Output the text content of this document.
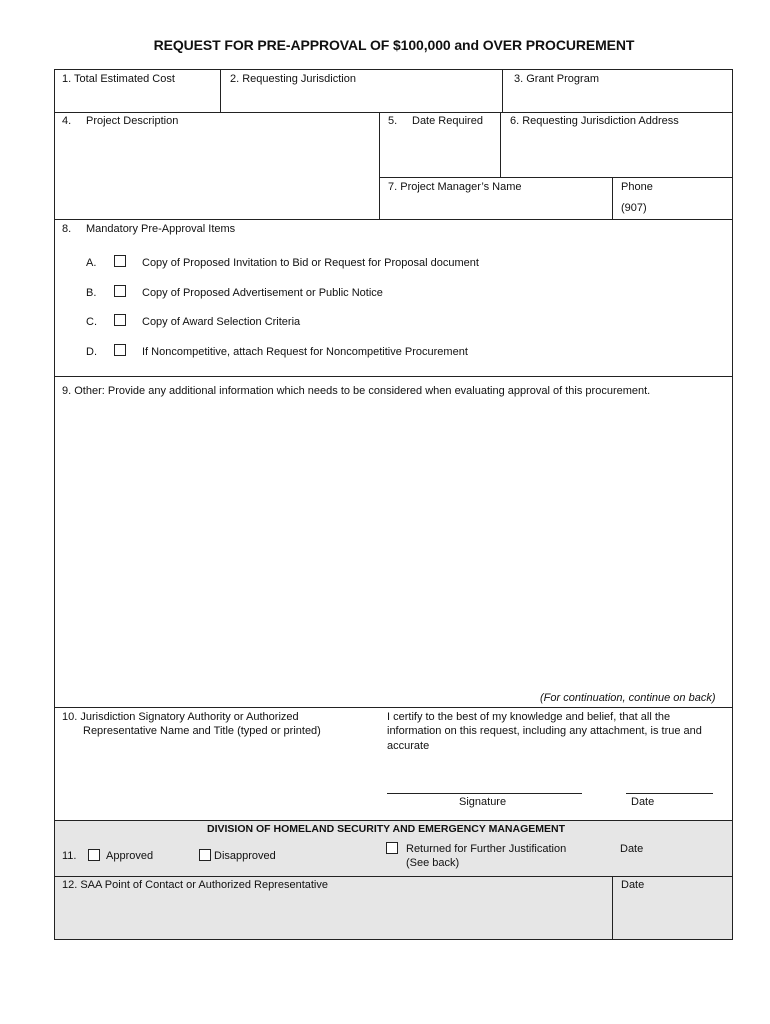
REQUEST FOR PRE-APPROVAL OF $100,000 and OVER PROCUREMENT
1. Total Estimated Cost	2. Requesting Jurisdiction	3. Grant Program
4. Project Description	5. Date Required 6. Requesting Jurisdiction Address
7. Project Manager’s Name	Phone
(907)
8. Mandatory Pre-Approval Items
A.	Copy of Proposed Invitation to Bid or Request for Proposal document
B.	Copy of Proposed Advertisement or Public Notice
C.	Copy of Award Selection Criteria
D.	If Noncompetitive, attach Request for Noncompetitive Procurement
9. Other: Provide any additional information which needs to be considered when evaluating approval of this procurement.
(For continuation, continue on back)
10. Jurisdiction Signatory Authority or Authorized
Representative Name and Title (typed or printed)
I certify to the best of my knowledge and belief, that all the
information on this request, including any attachment, is true and
accurate
Signature	Date
DIVISION OF HOMELAND SECURITY AND EMERGENCY MANAGEMENT
11.	Approved	Disapproved
Returned for Further Justification
(See back)
Date
12. SAA Point of Contact or Authorized Representative	Date
